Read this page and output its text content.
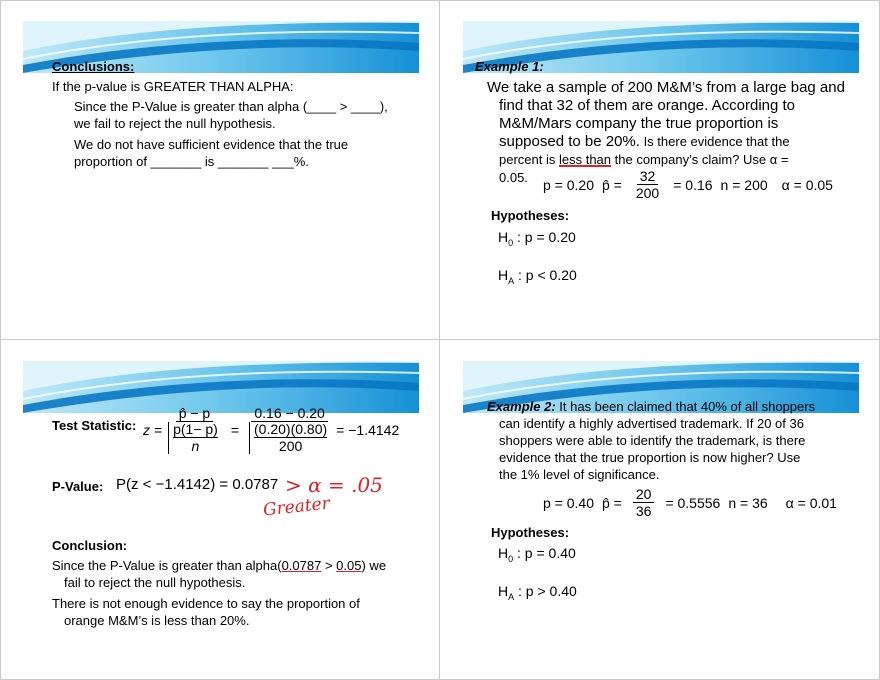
Conclusions:
If the p-value is GREATER THAN ALPHA:
Since the P-Value is greater than alpha (____ > ____),
we fail to reject the null hypothesis.
We do not have sufficient evidence that the true
proportion of _______ is _______ ___%.
Example 1:
We take a sample of 200 M&M’s from a large bag and
find that 32 of them are orange. According to
M&M/Mars company the true proportion is
supposed to be 20%. Is there evidence that the
percent is less than the company’s claim? Use α =
0.05. p = 0.20 p̂ = $\frac{32}{200} = 0.16$ n = 200 α = 0.05
Hypotheses:
$H_0$ : p = 0.20
$H_A$ : p < 0.20
Test Statistic: z = p̂ − p
p(1− p)
n = 0.16 − 0.20
(0.20)(0.80)
200 = −1.4142
P-Value: P(z < −1.4142) = 0.0787 > α = .05
Greater
Conclusion:
Since the P-Value is greater than alpha(0.0787 > 0.05) we
fail to reject the null hypothesis.
There is not enough evidence to say the proportion of
orange M&M’s is less than 20%.
Example 2: It has been claimed that 40% of all shoppers
can identify a highly advertised trademark. If 20 of 36
shoppers were able to identify the trademark, is there
evidence that the true proportion is now higher? Use
the 1% level of significance.
p = 0.40 p̂ = $\frac{20}{36} = 0.5556$ n = 36 α = 0.01
Hypotheses:
$H_0$ : p = 0.40
$H_A$ : p > 0.40
